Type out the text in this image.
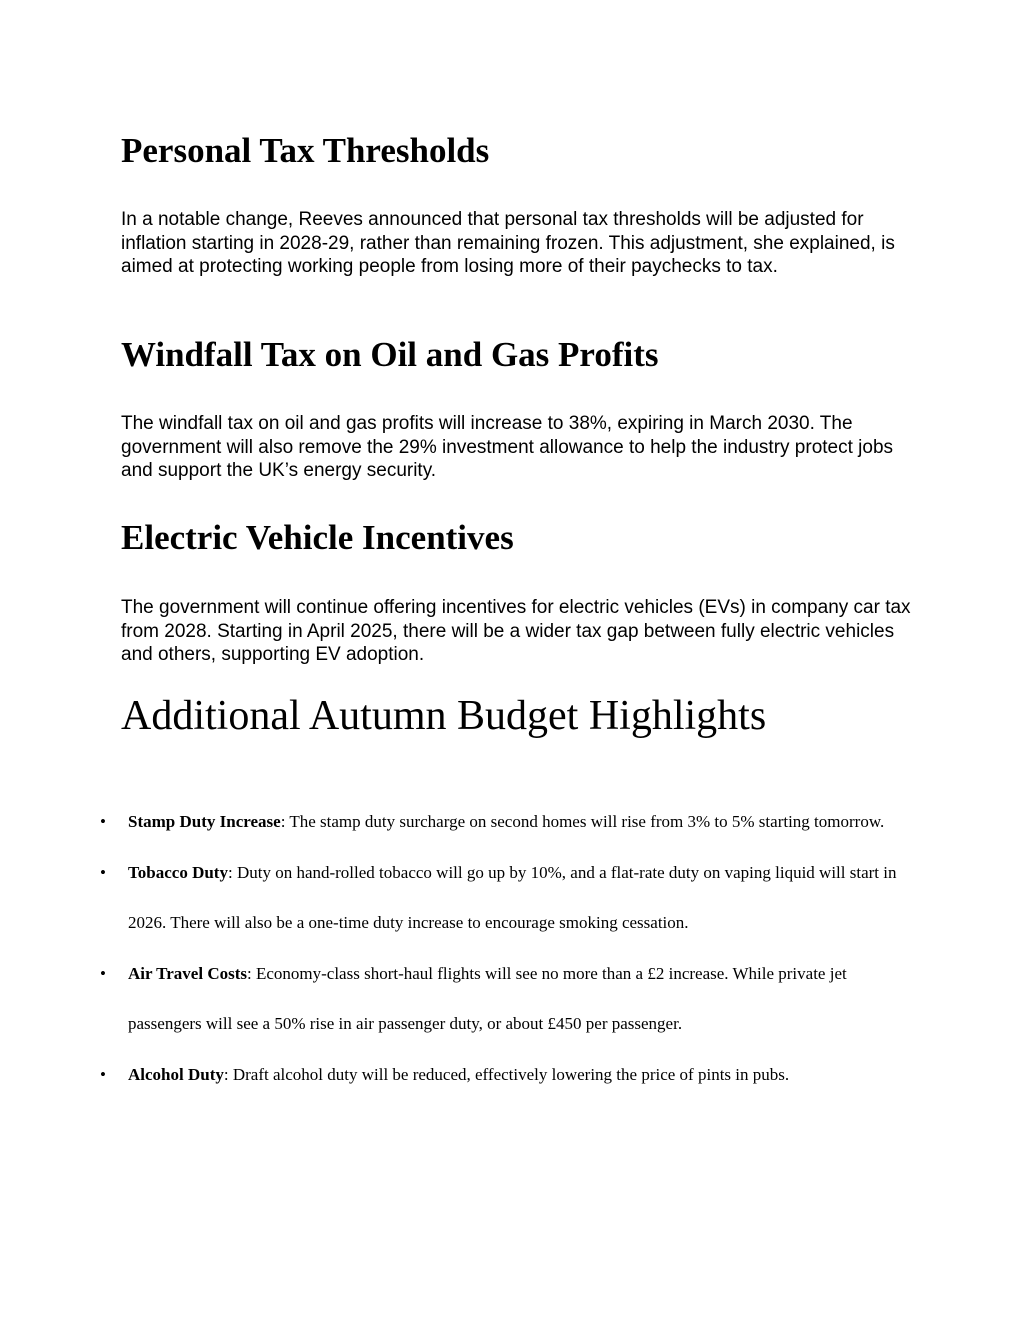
Personal Tax Thresholds

In a notable change, Reeves announced that personal tax thresholds will be adjusted for inflation starting in 2028-29, rather than remaining frozen. This adjustment, she explained, is aimed at protecting working people from losing more of their paychecks to tax.

Windfall Tax on Oil and Gas Profits

The windfall tax on oil and gas profits will increase to 38%, expiring in March 2030. The government will also remove the 29% investment allowance to help the industry protect jobs and support the UK’s energy security.

Electric Vehicle Incentives

The government will continue offering incentives for electric vehicles (EVs) in company car tax from 2028. Starting in April 2025, there will be a wider tax gap between fully electric vehicles and others, supporting EV adoption.

Additional Autumn Budget Highlights
• Stamp Duty Increase: The stamp duty surcharge on second homes will rise from 3% to 5% starting tomorrow.
• Tobacco Duty: Duty on hand-rolled tobacco will go up by 10%, and a flat-rate duty on vaping liquid will start in 2026. There will also be a one-time duty increase to encourage smoking cessation.
• Air Travel Costs: Economy-class short-haul flights will see no more than a £2 increase. While private jet passengers will see a 50% rise in air passenger duty, or about £450 per passenger.
• Alcohol Duty: Draft alcohol duty will be reduced, effectively lowering the price of pints in pubs.
